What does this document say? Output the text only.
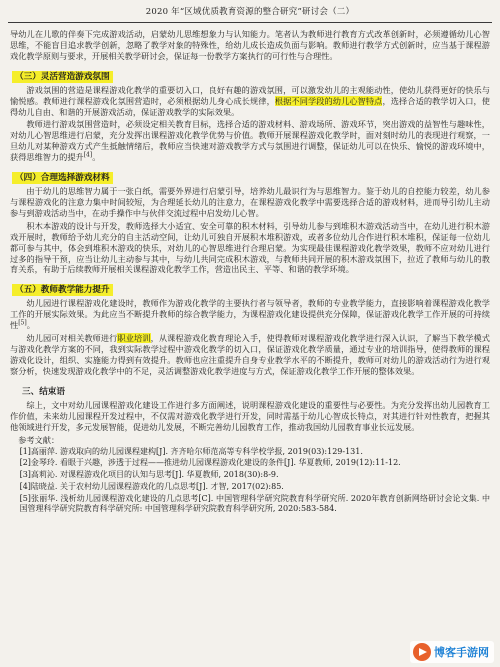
2020 年“区域优质教育资源的整合研究”研讨会（二）

导幼儿在儿歌的伴奏下完成游戏活动，启蒙幼儿思维想象力与认知能力。笔者认为教师进行教育方式改革创新时，必须遵循幼儿心智思维，不能盲目追求教学创新，忽略了教学对象的特殊性，给幼儿成长造成负面与影响。教师进行教学方式创新时，应当基于课程游戏化教学原则与要求，开展相关教学研讨会，保证每一份教学方案执行的可行性与合理性。

（三）灵活营造游戏氛围

游戏氛围的营造是课程游戏化教学的重要切入口，良好有趣的游戏氛围，可以激发幼儿的主观能动性，使幼儿获得更好的快乐与愉悦感。教师进行课程游戏化氛围营造时，必须根据幼儿身心成长规律，根据不同学段的幼儿心智特点，选择合适的教学切入口，使得幼儿自由、和谐的开展游戏活动，保证游戏教学的实际效果。

教师进行游戏氛围营造时，必须设定相关教育目标，选择合适的游戏材料、游戏场所、游戏环节，突出游戏的益智性与趣味性，对幼儿心智思维进行启蒙，充分发挥出课程游戏化教学优势与价值。教师开展课程游戏化教学时，面对刻时幼儿的表现进行观察，一旦幼儿对某种游戏方式产生抵触情绪后，教师应当快速对游戏教学方式与氛围进行调整，保证幼儿可以在快乐、愉悦的游戏环境中，获得思维智力的提升[4]。

（四）合理选择游戏材料

由于幼儿的思维智力属于一张白纸，需要外界进行启蒙引导，培养幼儿最识行为与思维智力。鉴于幼儿的自控能力较差，幼儿参与课程游戏化的注意力集中时间较短，为合理延长幼儿的注意力，在课程游戏化教学中需要选择合适的游戏材料，进而导引幼儿主动参与到游戏活动当中，在动手操作中与伙伴交流过程中启发幼儿心智。

积木本游戏的设计与开发，教师选择大小适宜、安全可靠的积木材料，引导幼儿参与到堆积木游戏活动当中，在幼儿进行积木游戏开展时，教师给予幼儿充分的自主活动空间，让幼儿可独自开展积木堆积游戏，或者多位幼儿合作进行积木堆积，保证每一位幼儿都可参与其中，体会到堆积木游戏的快乐，对幼儿的心智思维进行合理启蒙。为实现最佳课程游戏化教学效果，教师不应对幼儿进行过多的指导干预，应当让幼儿主动参与其中，与幼儿共同完成积木游戏，与教师共同开展的积木游戏氛围下，拉近了教师与幼儿的教育关系，有助于后续教师开展相关课程游戏化教学工作，营造出民主、平等、和谐的教学环境。

（五）教师教学能力提升

幼儿园进行课程游戏化建设时，教师作为游戏化教学的主要执行者与领导者，教师的专业教学能力，直接影响着课程游戏化教学工作的开展实际效果。为此应当不断提升教师的综合教学能力，为课程游戏化建设提供充分保障，保证游戏化教学工作开展的可持续性[5]。

幼儿园可对相关教师进行职业培训，从课程游戏化教育理论入手，使得教师对课程游戏化教学进行深入认识，了解当下教学模式与游戏化教学方案的不同，我到实际教学过程中游戏化教学的切入口，保证游戏化教学质量，通过专业的培训指导，使得教师的课程游戏化设计，组织、实施能力得到有效提升。教师也应注重提升自身专业教学水平的不断提升，教师可对幼儿的游戏活动行为进行观察分析，快速发现游戏化教学中的不足，灵活调整游戏化教学进度与方式，保证游戏化教学工作开展的整体效果。

三、结束语

综上，文中对幼儿园课程游戏化建设工作进行多方面阐述，说明课程游戏化建设的重要性与必要性。为充分发挥出幼儿园教育工作价值，未来幼儿园课程开发过程中，不仅需对游戏化教学进行开发，同时需基于幼儿心智成长特点，对其进行针对性教育，把握其他领域进行开发，多元发展智能，促进幼儿发展，不断完善幼儿园教育工作，推动我国幼儿园教育事业长远发展。

参考文献：

[1]高丽萍. 游戏取向的幼儿园课程建构[J]. 齐齐哈尔师范高等专科学校学报, 2019(03):129-131.

[2]金琴玲. 看眼于兴趣，涉透于过程——推进幼儿园课程游戏化建设的条件[J]. 华夏教师, 2019(12):11-12.

[3]高莉沁. 对课程游戏化项目的认知与思考[J]. 华夏教师, 2018(30):8-9.

[4]陆晓益. 关于农村幼儿园课程游戏化的几点思考[J]. 才智, 2017(02):85.

[5]张丽华. 浅析幼儿园课程游戏化建设的几点思考[C]. 中国管理科学研究院教育科学研究所. 2020年教育创新网络研讨会论文集. 中国管理科学研究院教育科学研究所: 中国管理科学研究院教育科学研究所, 2020:583-584.

博客手游网
